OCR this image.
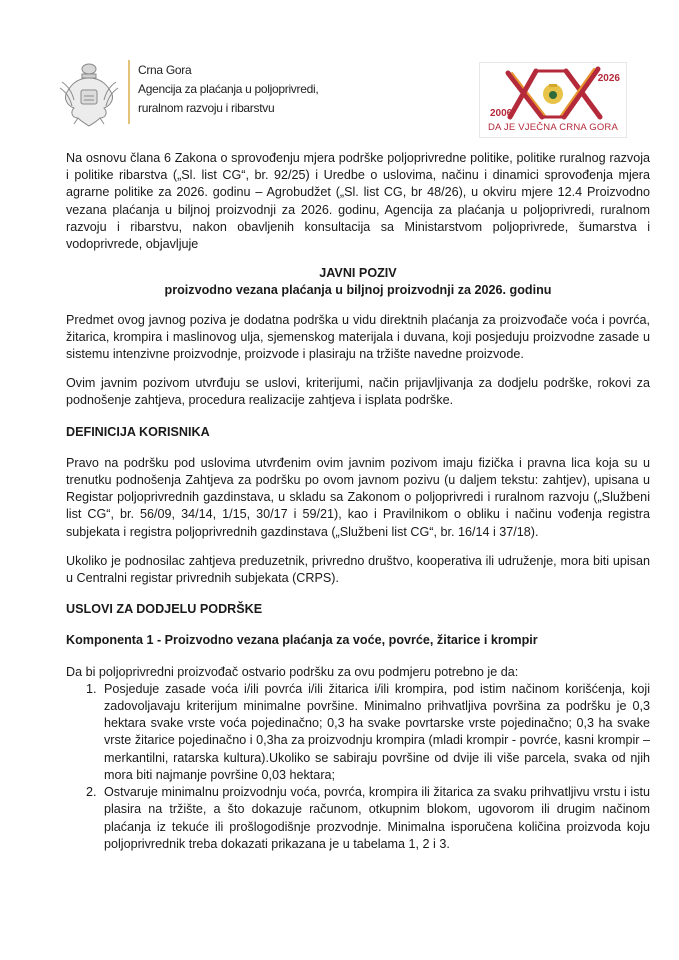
Crna Gora
Agencija za plaćanja u poljoprivredi,
ruralnom razvoju i ribarstvu	2006
2026
DA JE VJEČNA CRNA GORA

Na osnovu člana 6 Zakona o sprovođenju mjera podrške poljoprivredne politike, politike ruralnog razvoja i politike ribarstva („Sl. list CG“, br. 92/25) i Uredbe o uslovima, načinu i dinamici sprovođenja mjera agrarne politike za 2026. godinu – Agrobudžet („Sl. list CG, br 48/26), u okviru mjere 12.4 Proizvodno vezana plaćanja u biljnoj proizvodnji za 2026. godinu, Agencija za plaćanja u poljoprivredi, ruralnom razvoju i ribarstvu, nakon obavljenih konsultacija sa Ministarstvom poljoprivrede, šumarstva i vodoprivrede, objavljuje

JAVNI POZIV
proizvodno vezana plaćanja u biljnoj proizvodnji za 2026. godinu

Predmet ovog javnog poziva je dodatna podrška u vidu direktnih plaćanja za proizvođače voća i povrća, žitarica, krompira i maslinovog ulja, sjemenskog materijala i duvana, koji posjeduju proizvodne zasade u sistemu intenzivne proizvodnje, proizvode i plasiraju na tržište navedne proizvode.

Ovim javnim pozivom utvrđuju se uslovi, kriterijumi, način prijavljivanja za dodjelu podrške, rokovi za podnošenje zahtjeva, procedura realizacije zahtjeva i isplata podrške.

DEFINICIJA KORISNIKA

Pravo na podršku pod uslovima utvrđenim ovim javnim pozivom imaju fizička i pravna lica koja su u trenutku podnošenja Zahtjeva za podršku po ovom javnom pozivu (u daljem tekstu: zahtjev), upisana u Registar poljoprivrednih gazdinstava, u skladu sa Zakonom o poljoprivredi i ruralnom razvoju („Službeni list CG“, br. 56/09, 34/14, 1/15, 30/17 i 59/21), kao i Pravilnikom o obliku i načinu vođenja registra subjekata i registra poljoprivrednih gazdinstava („Službeni list CG“, br. 16/14 i 37/18).

Ukoliko je podnosilac zahtjeva preduzetnik, privredno društvo, kooperativa ili udruženje, mora biti upisan u Centralni registar privrednih subjekata (CRPS).

USLOVI ZA DODJELU PODRŠKE
Komponenta 1 - Proizvodno vezana plaćanja za voće, povrće, žitarice i krompir

Da bi poljoprivredni proizvođač ostvario podršku za ovu podmjeru potrebno je da:

1. Posjeduje zasade voća i/ili povrća i/ili žitarica i/ili krompira, pod istim načinom korišćenja, koji zadovoljavaju kriterijum minimalne površine. Minimalno prihvatljiva površina za podršku je 0,3 hektara svake vrste voća pojedinačno; 0,3 ha svake povrtarske vrste pojedinačno; 0,3 ha svake vrste žitarice pojedinačno i 0,3ha za proizvodnju krompira (mladi krompir - povrće, kasni krompir – merkantilni, ratarska kultura).Ukoliko se sabiraju površine od dvije ili više parcela, svaka od njih mora biti najmanje površine 0,03 hektara;
2. Ostvaruje minimalnu proizvodnju voća, povrća, krompira ili žitarica za svaku prihvatljivu vrstu i istu plasira na tržište, a što dokazuje računom, otkupnim blokom, ugovorom ili drugim načinom plaćanja iz tekuće ili prošlogodišnje prozvodnje. Minimalna isporučena količina proizvoda koju poljoprivrednik treba dokazati prikazana je u tabelama 1, 2 i 3.
